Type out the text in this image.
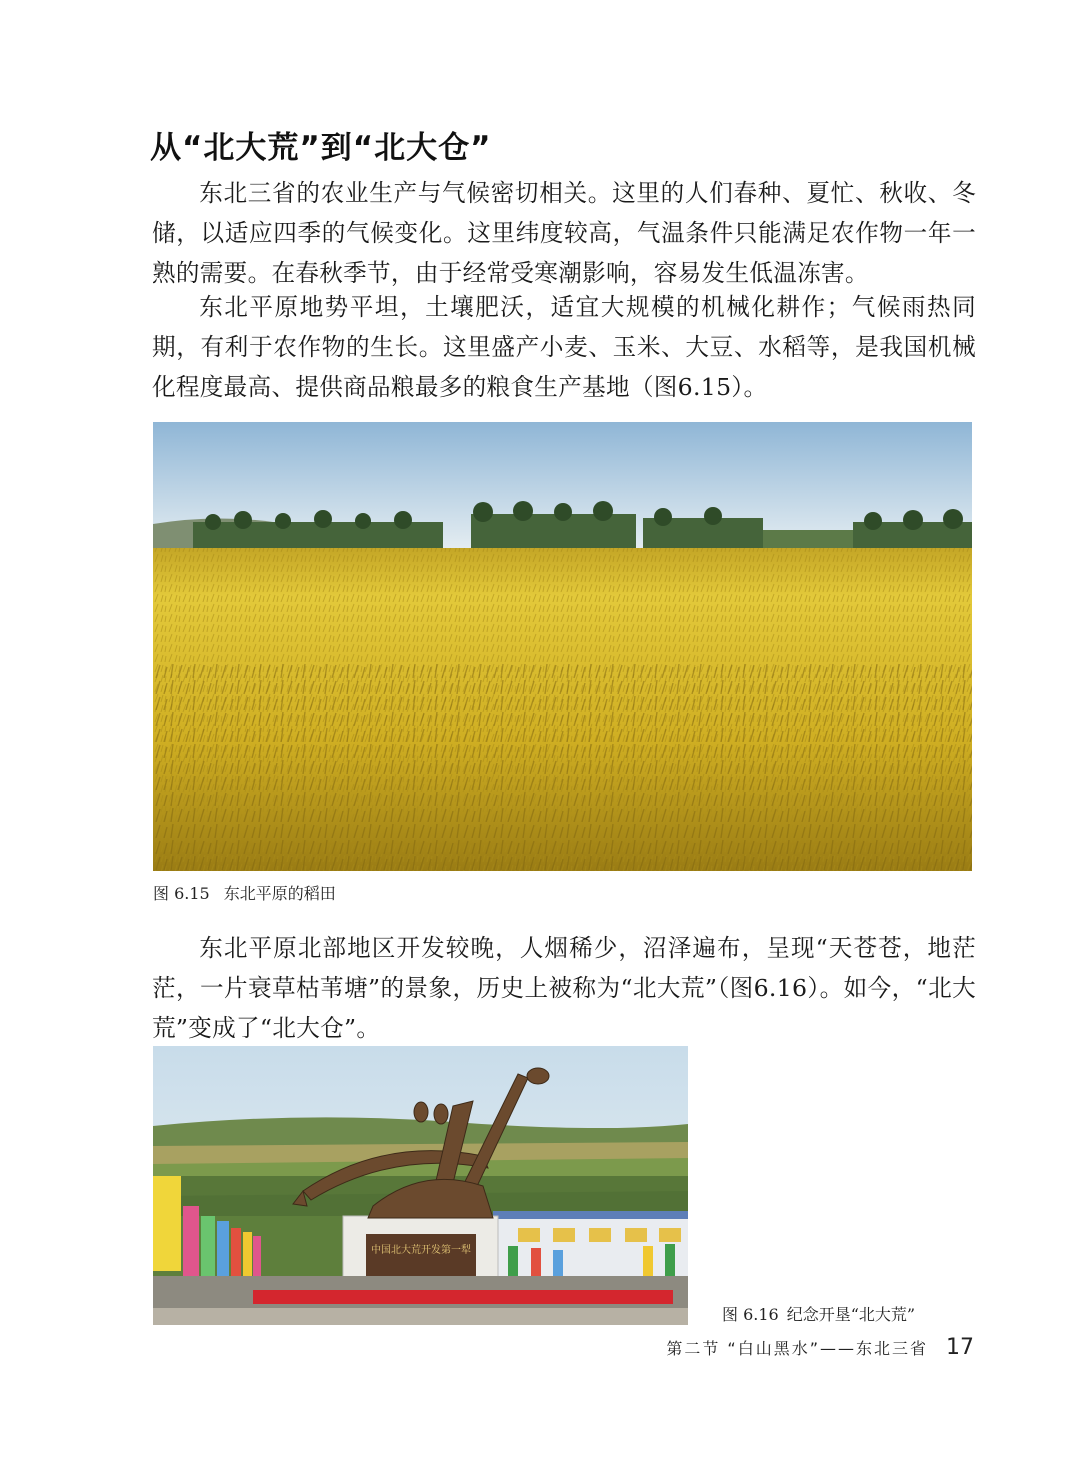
从“北大荒”到“北大仓”

东北三省的农业生产与气候密切相关。这里的人们春种、夏忙、秋收、冬储，以适应四季的气候变化。这里纬度较高，气温条件只能满足农作物一年一熟的需要。在春秋季节，由于经常受寒潮影响，容易发生低温冻害。

东北平原地势平坦，土壤肥沃，适宜大规模的机械化耕作；气候雨热同期，有利于农作物的生长。这里盛产小麦、玉米、大豆、水稻等，是我国机械化程度最高、提供商品粮最多的粮食生产基地（图6.15）。

图 6.15 东北平原的稻田

东北平原北部地区开发较晚，人烟稀少，沼泽遍布，呈现“天苍苍，地茫茫，一片衰草枯苇塘”的景象，历史上被称为“北大荒”（图6.16）。如今，“北大荒”变成了“北大仓”。

中国北大荒开发第一犁
图 6.16 纪念开垦“北大荒”
第二节 “白山黑水”——东北三省 17
